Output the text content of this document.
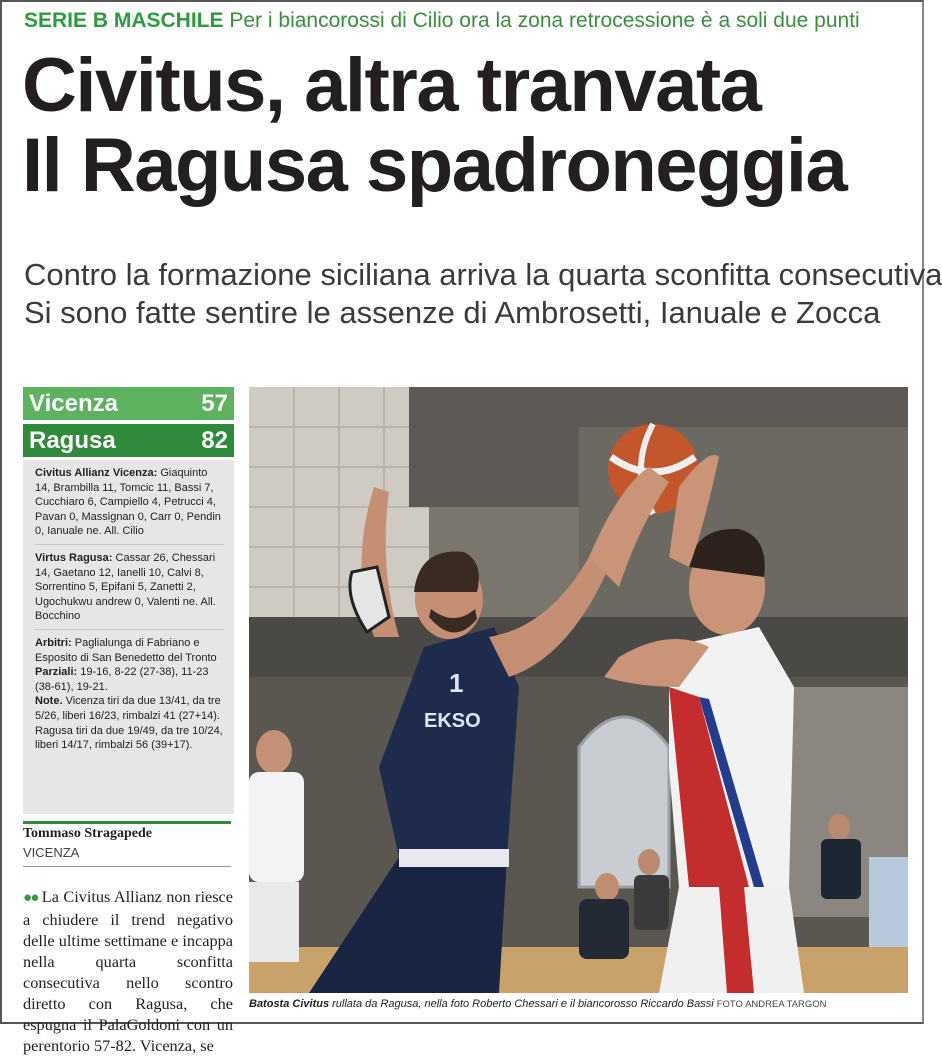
SERIE B MASCHILE Per i biancorossi di Cilio ora la zona retrocessione è a soli due punti
Civitus, altra tranvata
Il Ragusa spadroneggia
Contro la formazione siciliana arriva la quarta sconfitta consecutiva
Si sono fatte sentire le assenze di Ambrosetti, Ianuale e Zocca
Vicenza	57
Ragusa	82

Civitus Allianz Vicenza: Giaquinto 14, Brambilla 11, Tomcic 11, Bassi 7, Cucchiaro 6, Campiello 4, Petrucci 4, Pavan 0, Massignan 0, Carr 0, Pendin 0, Ianuale ne. All. Cilio

Virtus Ragusa: Cassar 26, Chessari 14, Gaetano 12, Ianelli 10, Calvi 8, Sorrentino 5, Epifani 5, Zanetti 2, Ugochukwu andrew 0, Valenti ne. All. Bocchino

Arbitri: Paglialunga di Fabriano e Esposito di San Benedetto del Tronto
Parziali: 19-16, 8-22 (27-38), 11-23 (38-61), 19-21.
Note. Vicenza tiri da due 13/41, da tre 5/26, liberi 16/23, rimbalzi 41 (27+14). Ragusa tiri da due 19/49, da tre 10/24, liberi 14/17, rimbalzi 56 (39+17).

Tommaso Stragapede
VICENZA
●● La Civitus Allianz non riesce a chiudere il trend negativo delle ultime settimane e incappa nella quarta sconfitta consecutiva nello scontro diretto con Ragusa, che espugna il PalaGoldoni con un perentorio 57-82. Vicenza, se
EKSO
1
Batosta Civitus rullata da Ragusa, nella foto Roberto Chessari e il biancorosso Riccardo Bassi FOTO ANDREA TARGON
